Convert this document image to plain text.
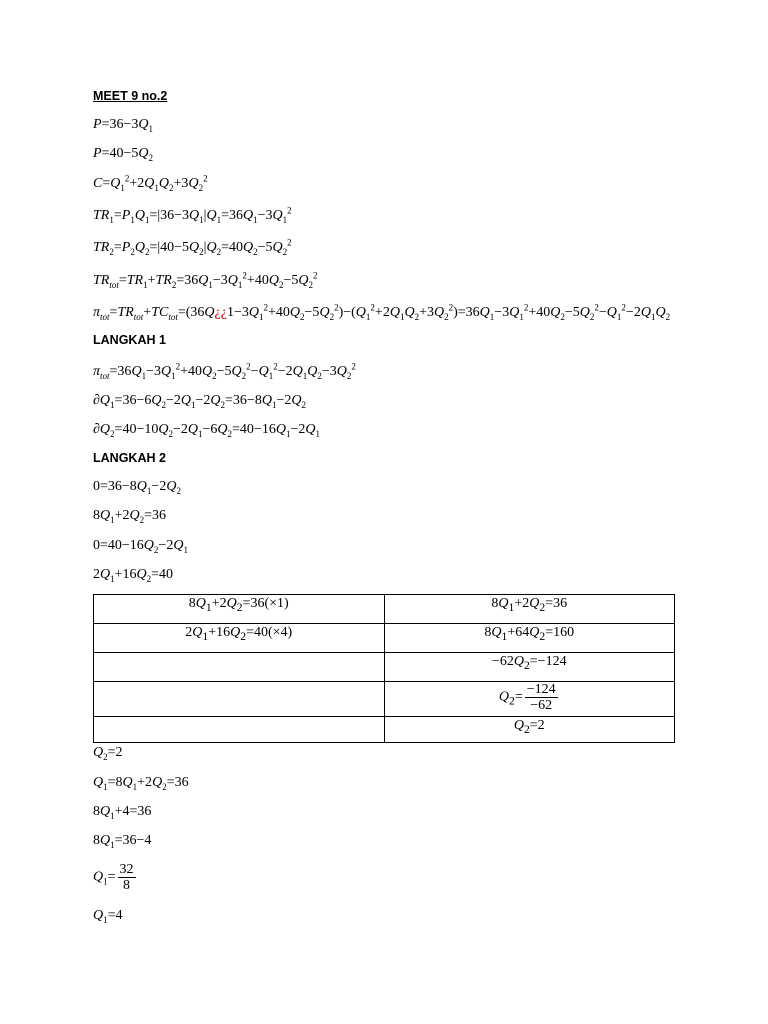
MEET 9 no.2
$P=36-3Q_1$
$P=40-5Q_2$
$C=Q_1^2+2Q_1Q_2+3Q_2^2$
$TR_1=P_1Q_1=|36-3Q_1|Q_1=36Q_1-3Q_1^2$
$TR_2=P_2Q_2=|40-5Q_2|Q_2=40Q_2-5Q_2^2$
$TR_{tot}=TR_1+TR_2=36Q_1-3Q_1^2+40Q_2-5Q_2^2$
$\pi_{tot}=TR_{tot}+TC_{tot}=(36Q¿¿1-3Q_1^2+40Q_2-5Q_2^2)-(Q_1^2+2Q_1Q_2+3Q_2^2)=36Q_1-3Q_1^2+40Q_2-5Q_2^2-Q_1^2-2Q_1Q_2$
LANGKAH 1
$\pi_{tot}=36Q_1-3Q_1^2+40Q_2-5Q_2^2-Q_1^2-2Q_1Q_2-3Q_2^2$
$\partial Q_1=36-6Q_2-2Q_1-2Q_2=36-8Q_1-2Q_2$
$\partial Q_2=40-10Q_2-2Q_1-6Q_2=40-16Q_1-2Q_1$
LANGKAH 2
$0=36-8Q_1-2Q_2$
$8Q_1+2Q_2=36$
$0=40-16Q_2-2Q_1$
$2Q_1+16Q_2=40$
$8Q_1+2Q_2=36(\times 1)$	$8Q_1+2Q_2=36$
$2Q_1+16Q_2=40(\times 4)$	$8Q_1+64Q_2=160$
	$-62Q_2=-124$
	$Q_2= \frac{-124}{-62}$

	$Q_2=2$
$Q_2=2$
$Q_1=8Q_1+2Q_2=36$
$8Q_1+4=36$
$8Q_1=36-4$
$Q_1= \frac{32}{8}$
$Q_1=4$
